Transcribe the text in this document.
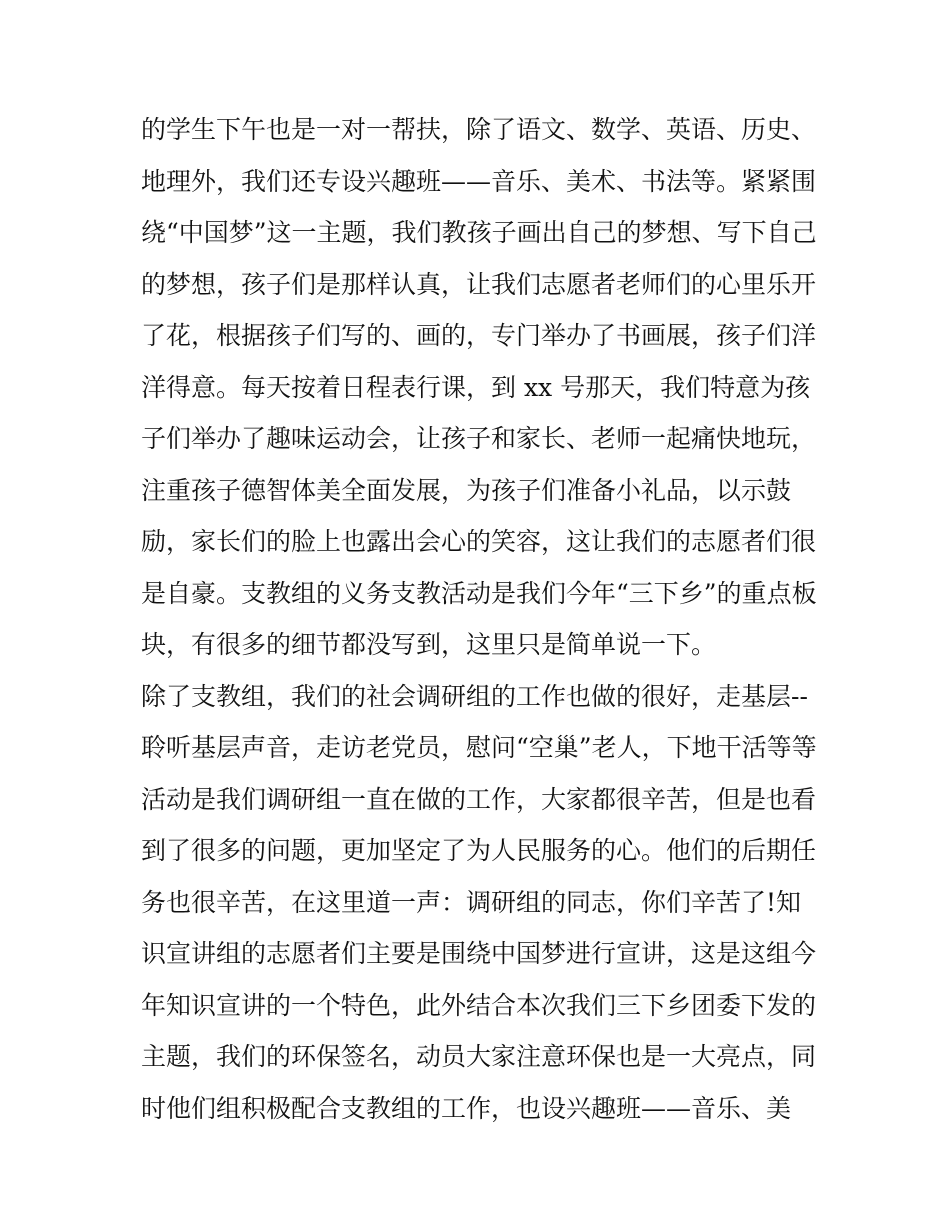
的学生下午也是一对一帮扶，除了语文、数学、英语、历史、
地理外，我们还专设兴趣班——音乐、美术、书法等。紧紧围
绕“中国梦”这一主题，我们教孩子画出自己的梦想、写下自己
的梦想，孩子们是那样认真，让我们志愿者老师们的心里乐开
了花，根据孩子们写的、画的，专门举办了书画展，孩子们洋
洋得意。每天按着日程表行课，到 xx 号那天，我们特意为孩
子们举办了趣味运动会，让孩子和家长、老师一起痛快地玩，
注重孩子德智体美全面发展，为孩子们准备小礼品，以示鼓
励，家长们的脸上也露出会心的笑容，这让我们的志愿者们很
是自豪。支教组的义务支教活动是我们今年“三下乡”的重点板
块，有很多的细节都没写到，这里只是简单说一下。
除了支教组，我们的社会调研组的工作也做的很好，走基层--
聆听基层声音，走访老党员，慰问“空巢”老人，下地干活等等
活动是我们调研组一直在做的工作，大家都很辛苦，但是也看
到了很多的问题，更加坚定了为人民服务的心。他们的后期任
务也很辛苦，在这里道一声：调研组的同志，你们辛苦了!知
识宣讲组的志愿者们主要是围绕中国梦进行宣讲，这是这组今
年知识宣讲的一个特色，此外结合本次我们三下乡团委下发的
主题，我们的环保签名，动员大家注意环保也是一大亮点，同
时他们组积极配合支教组的工作，也设兴趣班——音乐、美
